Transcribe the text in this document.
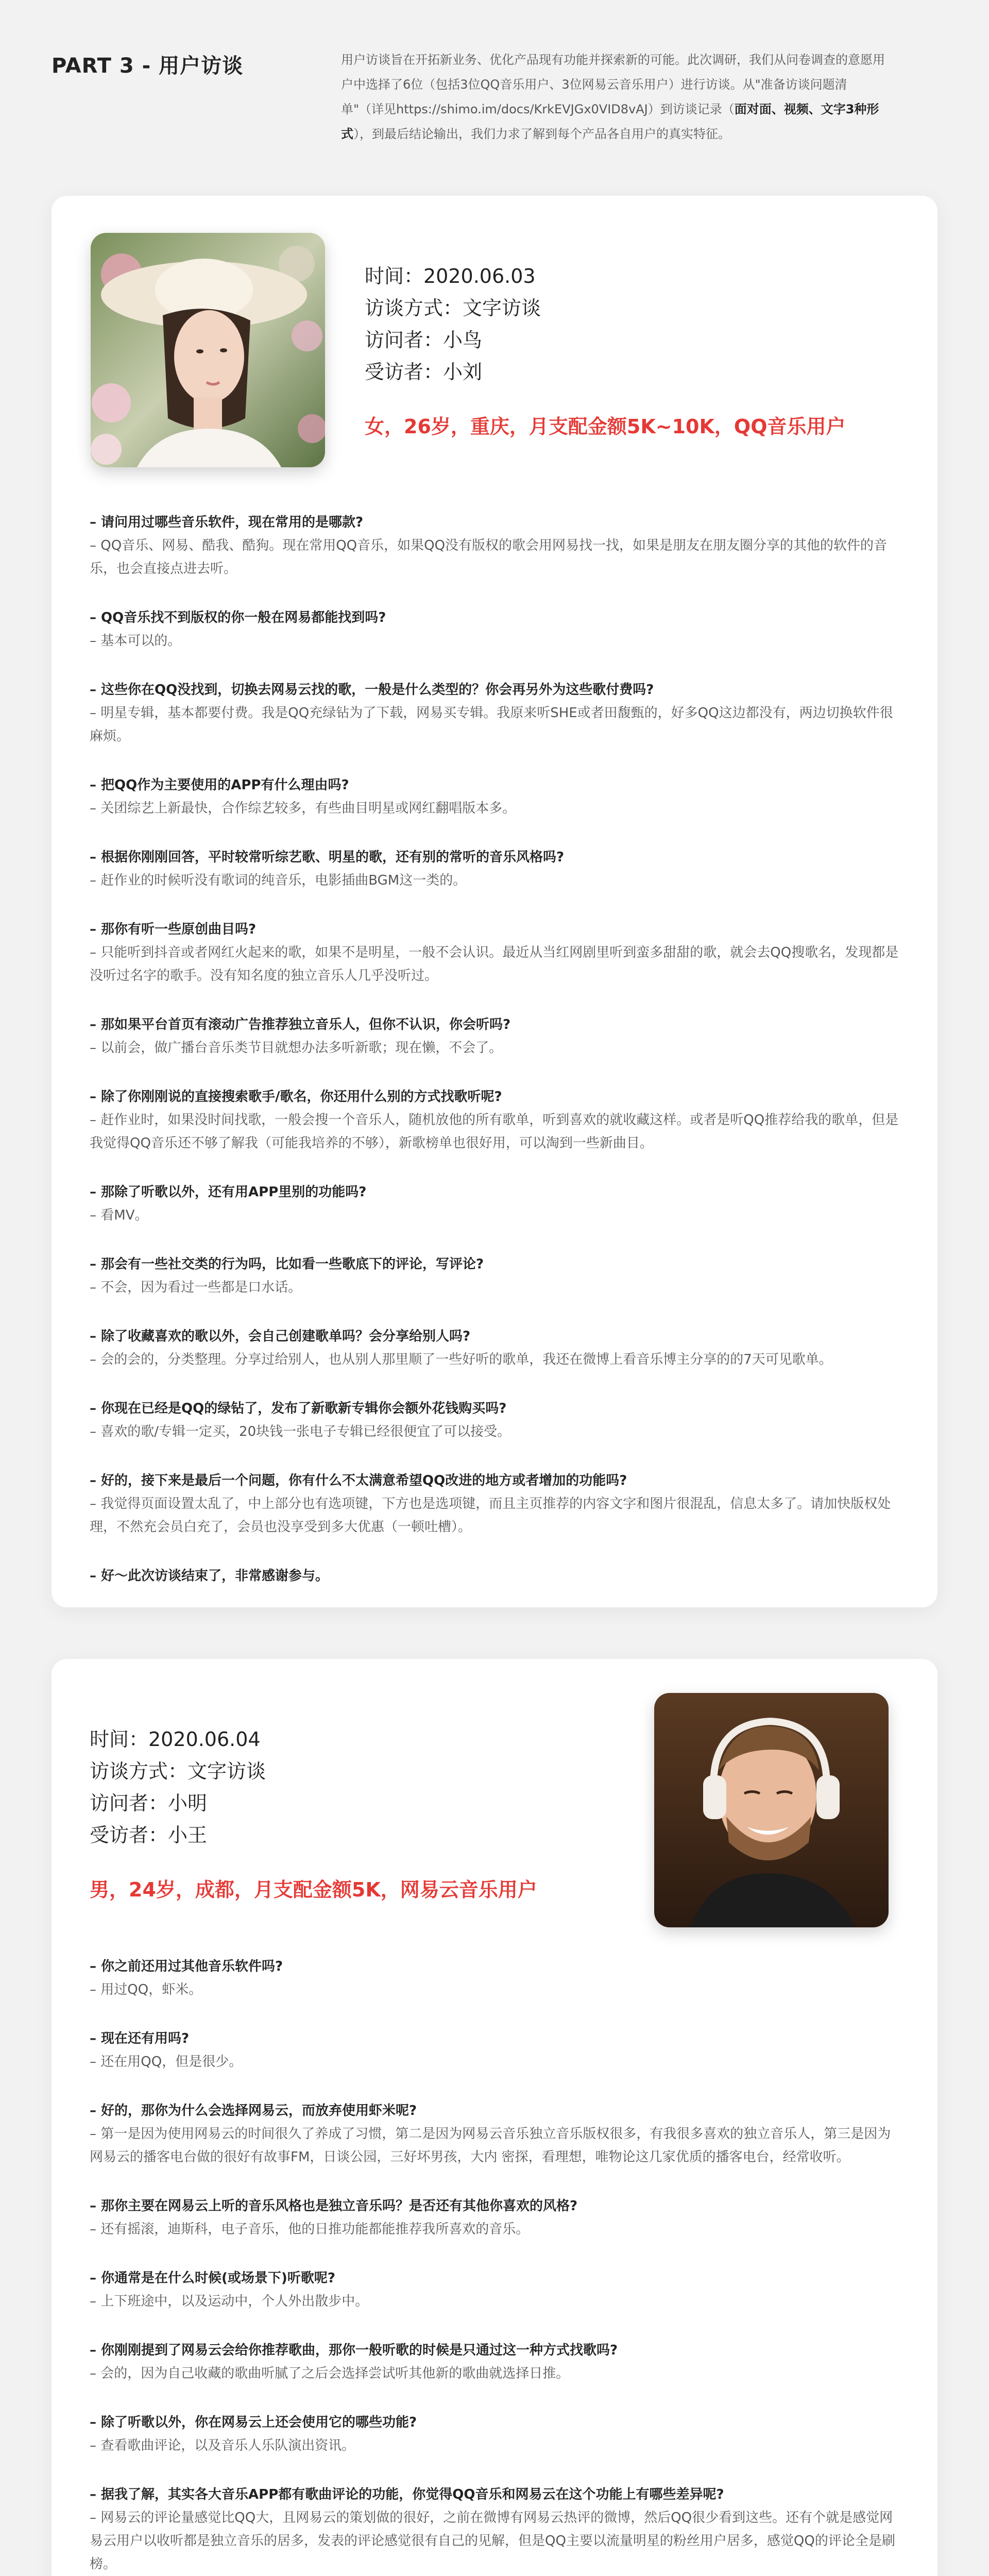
PART 3 - 用户访谈	用户访谈旨在开拓新业务、优化产品现有功能并探索新的可能。此次调研，我们从问卷调查的意愿用户中选择了6位（包括3位QQ音乐用户、3位网易云音乐用户）进行访谈。从"准备访谈问题清单"（详见https://shimo.im/docs/KrkEVJGx0VID8vAJ）到访谈记录（面对面、视频、文字3种形式），到最后结论输出，我们力求了解到每个产品各自用户的真实特征。
时间：2020.06.03
访谈方式：文字访谈
访问者：小鸟
受访者：小刘
女，26岁，重庆，月支配金额5K~10K，QQ音乐用户
– 请问用过哪些音乐软件，现在常用的是哪款?
– QQ音乐、网易、酷我、酷狗。现在常用QQ音乐，如果QQ没有版权的歌会用网易找一找，如果是朋友在朋友圈分享的其他的软件的音乐，也会直接点进去听。
– QQ音乐找不到版权的你一般在网易都能找到吗?
– 基本可以的。
– 这些你在QQ没找到，切换去网易云找的歌，一般是什么类型的？你会再另外为这些歌付费吗?
– 明星专辑，基本都要付费。我是QQ充绿钻为了下载，网易买专辑。我原来听SHE或者田馥甄的，好多QQ这边都没有，两边切换软件很麻烦。
– 把QQ作为主要使用的APP有什么理由吗?
– 关团综艺上新最快，合作综艺较多，有些曲目明星或网红翻唱版本多。
– 根据你刚刚回答，平时较常听综艺歌、明星的歌，还有别的常听的音乐风格吗?
– 赶作业的时候听没有歌词的纯音乐，电影插曲BGM这一类的。
– 那你有听一些原创曲目吗?
– 只能听到抖音或者网红火起来的歌，如果不是明星，一般不会认识。最近从当红网剧里听到蛮多甜甜的歌，就会去QQ搜歌名，发现都是没听过名字的歌手。没有知名度的独立音乐人几乎没听过。
– 那如果平台首页有滚动广告推荐独立音乐人，但你不认识，你会听吗?
– 以前会，做广播台音乐类节目就想办法多听新歌；现在懒，不会了。
– 除了你刚刚说的直接搜索歌手/歌名，你还用什么别的方式找歌听呢?
– 赶作业时，如果没时间找歌，一般会搜一个音乐人，随机放他的所有歌单，听到喜欢的就收藏这样。或者是听QQ推荐给我的歌单，但是我觉得QQ音乐还不够了解我（可能我培养的不够），新歌榜单也很好用，可以淘到一些新曲目。
– 那除了听歌以外，还有用APP里别的功能吗?
– 看MV。
– 那会有一些社交类的行为吗，比如看一些歌底下的评论，写评论?
– 不会，因为看过一些都是口水话。
– 除了收藏喜欢的歌以外，会自己创建歌单吗？会分享给别人吗?
– 会的会的，分类整理。分享过给别人，也从别人那里顺了一些好听的歌单，我还在微博上看音乐博主分享的的7天可见歌单。
– 你现在已经是QQ的绿钻了，发布了新歌新专辑你会额外花钱购买吗?
– 喜欢的歌/专辑一定买，20块钱一张电子专辑已经很便宜了可以接受。
– 好的，接下来是最后一个问题，你有什么不太满意希望QQ改进的地方或者增加的功能吗?
– 我觉得页面设置太乱了，中上部分也有选项键，下方也是选项键，而且主页推荐的内容文字和图片很混乱，信息太多了。请加快版权处理，不然充会员白充了，会员也没享受到多大优惠（一顿吐槽）。
– 好～此次访谈结束了，非常感谢参与。
时间：2020.06.04
访谈方式：文字访谈
访问者：小明
受访者：小王
男，24岁，成都，月支配金额5K，网易云音乐用户
– 你之前还用过其他音乐软件吗?
– 用过QQ，虾米。
– 现在还有用吗?
– 还在用QQ，但是很少。
– 好的，那你为什么会选择网易云，而放弃使用虾米呢?
– 第一是因为使用网易云的时间很久了养成了习惯，第二是因为网易云音乐独立音乐版权很多，有我很多喜欢的独立音乐人，第三是因为网易云的播客电台做的很好有故事FM，日谈公园，三好坏男孩，大内 密探，看理想，唯物论这几家优质的播客电台，经常收听。
– 那你主要在网易云上听的音乐风格也是独立音乐吗？是否还有其他你喜欢的风格?
– 还有摇滚，迪斯科，电子音乐，他的日推功能都能推荐我所喜欢的音乐。
– 你通常是在什么时候(或场景下)听歌呢?
– 上下班途中，以及运动中，个人外出散步中。
– 你刚刚提到了网易云会给你推荐歌曲，那你一般听歌的时候是只通过这一种方式找歌吗?
– 会的，因为自己收藏的歌曲听腻了之后会选择尝试听其他新的歌曲就选择日推。
– 除了听歌以外，你在网易云上还会使用它的哪些功能?
– 查看歌曲评论，以及音乐人乐队演出资讯。
– 据我了解，其实各大音乐APP都有歌曲评论的功能，你觉得QQ音乐和网易云在这个功能上有哪些差异呢?
– 网易云的评论量感觉比QQ大，且网易云的策划做的很好，之前在微博有网易云热评的微博，然后QQ很少看到这些。还有个就是感觉网易云用户以收听都是独立音乐的居多，发表的评论感觉很有自己的见解，但是QQ主要以流量明星的粉丝用户居多，感觉QQ的评论全是刷榜。
